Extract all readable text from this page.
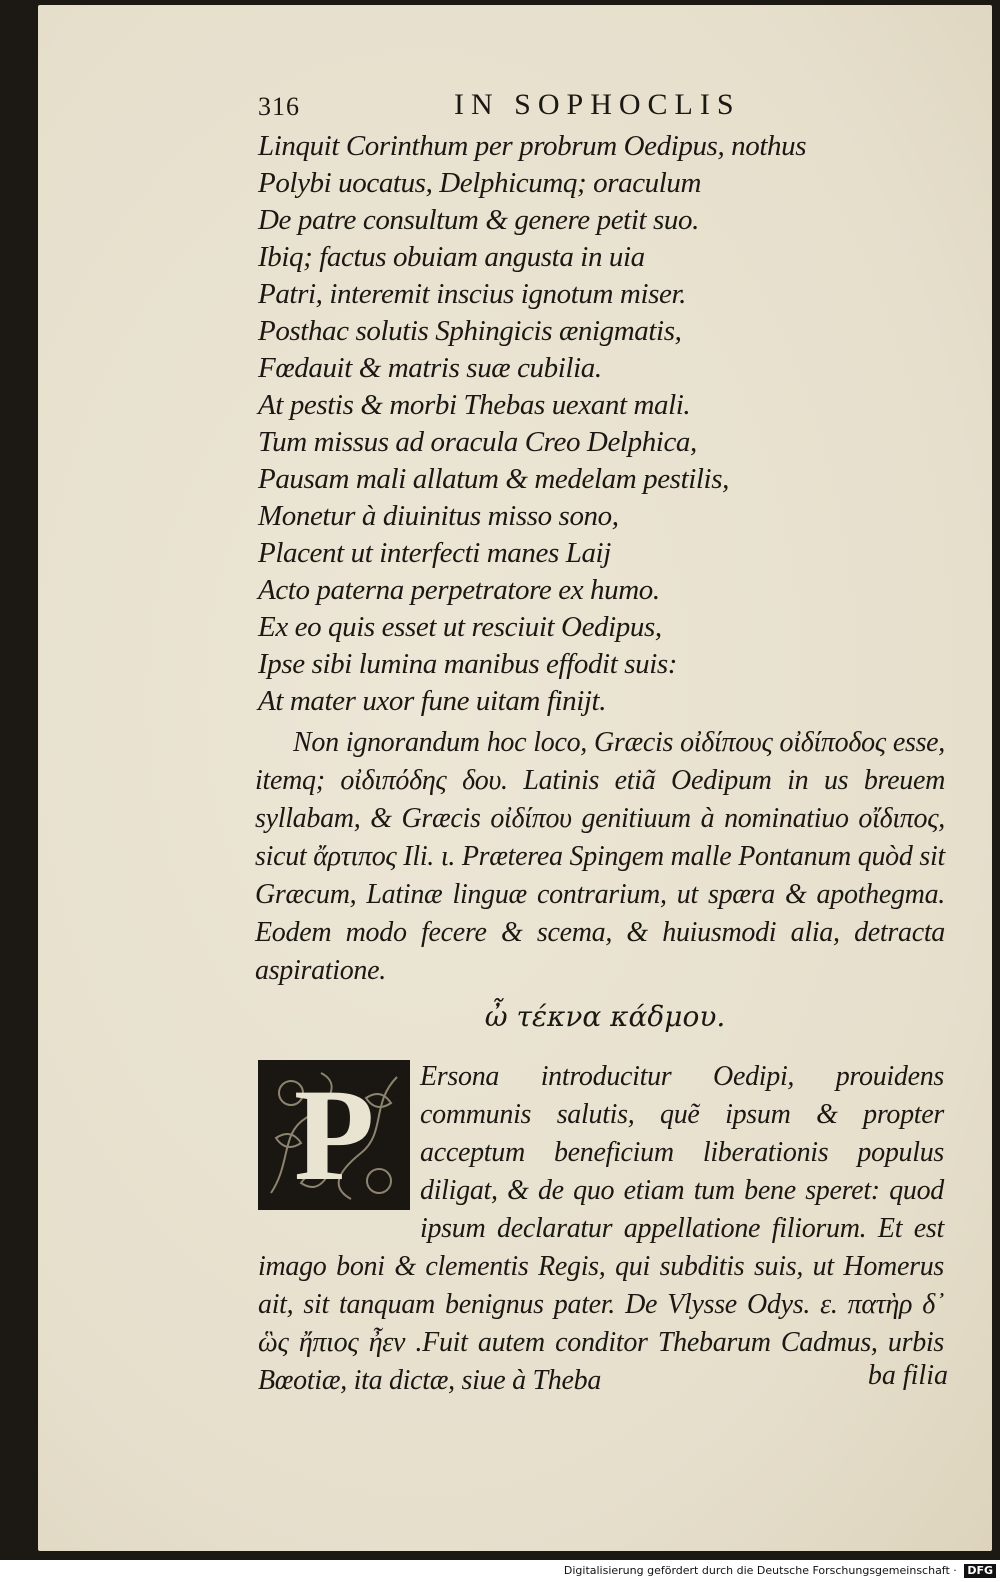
316	IN SOPHOCLIS
Linquit Corinthum per probrum Oedipus, nothus
Polybi uocatus, Delphicumq; oraculum
De patre consultum & genere petit suo.
Ibiq; factus obuiam angusta in uia
Patri, interemit inscius ignotum miser.
Posthac solutis Sphingicis ænigmatis,
Fœdauit & matris suæ cubilia.
At pestis & morbi Thebas uexant mali.
Tum missus ad oracula Creo Delphica,
Pausam mali allatum & medelam pestilis,
Monetur à diuinitus misso sono,
Placent ut interfecti manes Laij
Acto paterna perpetratore ex humo.
Ex eo quis esset ut resciuit Oedipus,
Ipse sibi lumina manibus effodit suis:
At mater uxor fune uitam finijt.

Non ignorandum hoc loco, Græcis οἰδίπους οἰδίποδος esse, itemq; οἰδιπόδης δου. Latinis etiã Oedipum in us breuem syllabam, & Græcis οἰδίπου genitiuum à nominatiuo οἴδιπος, sicut ἄρτιπος Ili. ι. Præterea Spingem malle Pontanum quòd sit Græcum, Latinæ linguæ contrarium, ut spæra & apothegma. Eodem modo fecere & scema, & huiusmodi alia, detracta aspiratione.

ὦ τέκνα κάδμου.
P	Ersona introducitur Oedipi, prouidens communis salutis, quẽ ipsum & propter acceptum beneficium liberationis populus diligat, & de quo etiam tum bene speret: quod ipsum declaratur appellatione filiorum. Et est imago boni & clementis Regis, qui subditis suis, ut Homerus ait, sit tanquam benignus pater. De Vlysse Odys. ε. πατὴρ δ᾽ ὣς ἤπιος ἦεν .Fuit autem conditor Thebarum Cadmus, urbis Bœotiæ, ita dictæ, siue à Theba	ba filia
Digitalisierung gefördert durch die Deutsche Forschungsgemeinschaft · DFG
